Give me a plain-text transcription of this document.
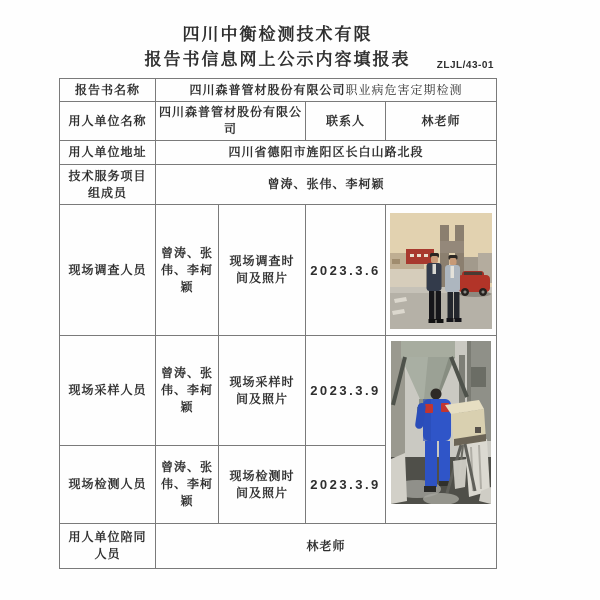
四川中衡检测技术有限
报告书信息网上公示内容填报表	ZLJL/43-01
报告书名称	四川森普管材股份有限公司职业病危害定期检测			
用人单位名称	四川森普管材股份有限公司		联系人	林老师
用人单位地址	四川省德阳市旌阳区长白山路北段			
技术服务项目组成员	曾涛、张伟、李柯颖			
现场调查人员	曾涛、张伟、李柯颖	现场调查时间及照片	2023.3.6	

现场采样人员	曾涛、张伟、李柯颖	现场采样时间及照片	2023.3.9	

现场检测人员	曾涛、张伟、李柯颖	现场检测时间及照片	2023.3.9	
用人单位陪同人员	林老师			
